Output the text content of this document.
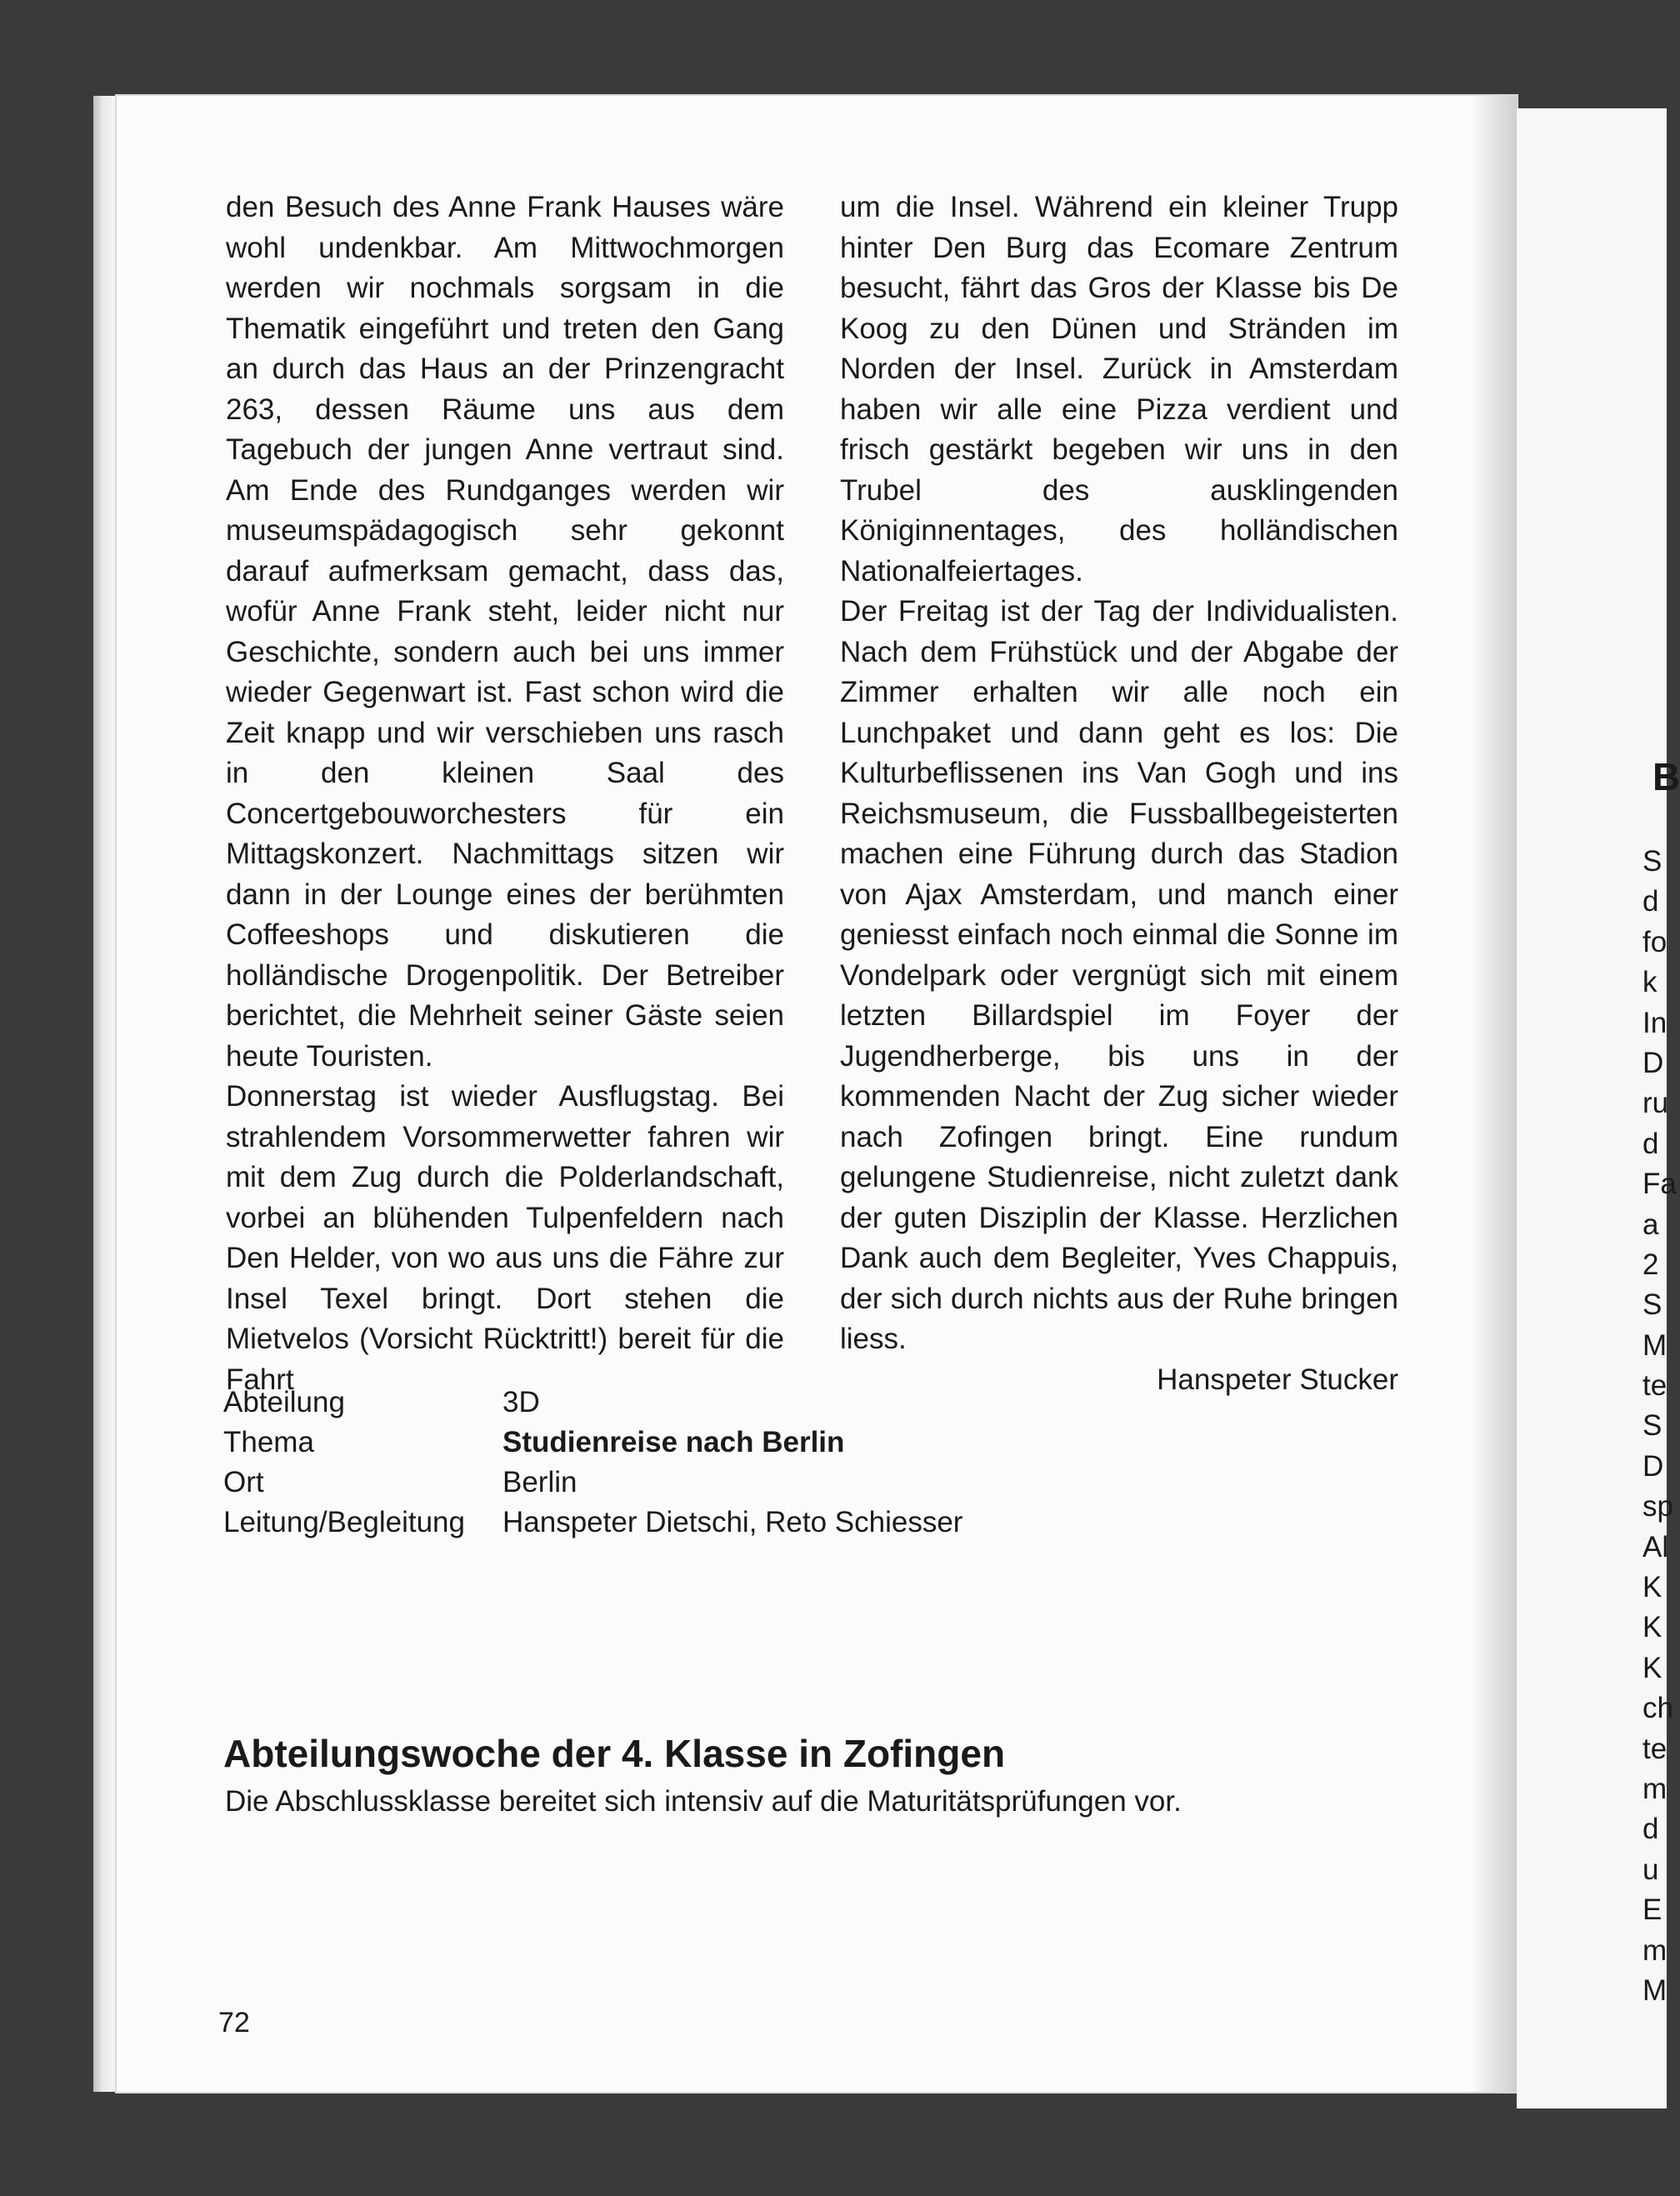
den Besuch des Anne Frank Hauses wäre wohl undenkbar. Am Mittwochmorgen werden wir nochmals sorgsam in die Thematik eingeführt und treten den Gang an durch das Haus an der Prinzengracht 263, dessen Räume uns aus dem Tagebuch der jungen Anne vertraut sind. Am Ende des Rundganges werden wir museumspädagogisch sehr gekonnt darauf aufmerksam gemacht, dass das, wofür Anne Frank steht, leider nicht nur Geschichte, sondern auch bei uns immer wieder Gegenwart ist. Fast schon wird die Zeit knapp und wir verschieben uns rasch in den kleinen Saal des Concertgebouworchesters für ein Mittagskonzert. Nachmittags sitzen wir dann in der Lounge eines der berühmten Coffeeshops und diskutieren die holländische Drogenpolitik. Der Betreiber berichtet, die Mehrheit seiner Gäste seien heute Touristen.

Donnerstag ist wieder Ausflugstag. Bei strahlendem Vorsommerwetter fahren wir mit dem Zug durch die Polderlandschaft, vorbei an blühenden Tulpenfeldern nach Den Helder, von wo aus uns die Fähre zur Insel Texel bringt. Dort stehen die Mietvelos (Vorsicht Rücktritt!) bereit für die Fahrt

um die Insel. Während ein kleiner Trupp hinter Den Burg das Ecomare Zentrum besucht, fährt das Gros der Klasse bis De Koog zu den Dünen und Stränden im Norden der Insel. Zurück in Amsterdam haben wir alle eine Pizza verdient und frisch gestärkt begeben wir uns in den Trubel des ausklingenden Königinnentages, des holländischen Nationalfeiertages.

Der Freitag ist der Tag der Individualisten. Nach dem Frühstück und der Abgabe der Zimmer erhalten wir alle noch ein Lunchpaket und dann geht es los: Die Kulturbeflissenen ins Van Gogh und ins Reichsmuseum, die Fussballbegeisterten machen eine Führung durch das Stadion von Ajax Amsterdam, und manch einer geniesst einfach noch einmal die Sonne im Vondelpark oder vergnügt sich mit einem letzten Billardspiel im Foyer der Jugendherberge, bis uns in der kommenden Nacht der Zug sicher wieder nach Zofingen bringt. Eine rundum gelungene Studienreise, nicht zuletzt dank der guten Disziplin der Klasse. Herzlichen Dank auch dem Begleiter, Yves Chappuis, der sich durch nichts aus der Ruhe bringen liess.

Hanspeter Stucker

Abteilung	3D
Thema	Studienreise nach Berlin
Ort	Berlin
Leitung/Begleitung	Hanspeter Dietschi, Reto Schiesser
Abteilungswoche der 4. Klasse in Zofingen
Die Abschlussklasse bereitet sich intensiv auf die Maturitätsprüfungen vor.
72
B
S
d
fo
k
In
D
ru
d
Fa
a
2
S
M
te
S
D
sp
Al
K
K
K
ch
te
m
d
u
E
m
M
